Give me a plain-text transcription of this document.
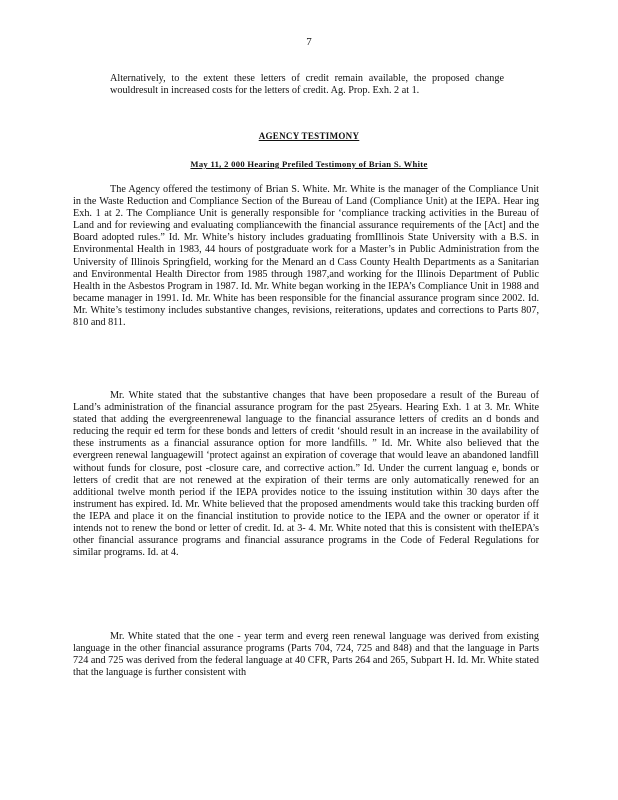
7
Alternatively, to the extent these letters of credit remain available, the proposed change wouldresult in increased costs for the letters of credit. Ag. Prop. Exh. 2 at 1.
AGENCY TESTIMONY
May 11, 2 000 Hearing Prefiled Testimony of Brian S. White

The Agency offered the testimony of Brian S. White. Mr. White is the manager of the Compliance Unit in the Waste Reduction and Compliance Section of the Bureau of Land (Compliance Unit) at the IEPA. Hear ing Exh. 1 at 2. The Compliance Unit is generally responsible for ‘compliance tracking activities in the Bureau of Land and for reviewing and evaluating compliancewith the financial assurance requirements of the [Act] and the Board adopted rules.” Id. Mr. White’s history includes graduating fromIllinois State University with a B.S. in Environmental Health in 1983, 44 hours of postgraduate work for a Master’s in Public Administration from the University of Illinois Springfield, working for the Menard an d Cass County Health Departments as a Sanitarian and Environmental Health Director from 1985 through 1987,and working for the Illinois Department of Public Health in the Asbestos Program in 1987. Id. Mr. White began working in the IEPA’s Compliance Unit in 1988 and became manager in 1991. Id. Mr. White has been responsible for the financial assurance program since 2002. Id. Mr. White’s testimony includes substantive changes, revisions, reiterations, updates and corrections to Parts 807, 810 and 811.

Mr. White stated that the substantive changes that have been proposedare a result of the Bureau of Land’s administration of the financial assurance program for the past 25years. Hearing Exh. 1 at 3. Mr. White stated that adding the evergreenrenewal language to the financial assurance letters of credits an d bonds and reducing the requir ed term for these bonds and letters of credit ‘should result in an increase in the availability of these instruments as a financial assurance option for more landfills. ” Id. Mr. White also believed that the evergreen renewal languagewill ‘protect against an expiration of coverage that would leave an abandoned landfill without funds for closure, post -closure care, and corrective action.” Id. Under the current languag e, bonds or letters of credit that are not renewed at the expiration of their terms are only automatically renewed for an additional twelve month period if the IEPA provides notice to the issuing institution within 30 days after the instrument has expired. Id. Mr. White believed that the proposed amendments would take this tracking burden off the IEPA and place it on the financial institution to provide notice to the IEPA and the owner or operator if it intends not to renew the bond or letter of credit. Id. at 3- 4. Mr. White noted that this is consistent with theIEPA’s other financial assurance programs and financial assurance programs in the Code of Federal Regulations for similar programs. Id. at 4.

Mr. White stated that the one - year term and everg reen renewal language was derived from existing language in the other financial assurance programs (Parts 704, 724, 725 and 848) and that the language in Parts 724 and 725 was derived from the federal language at 40 CFR, Parts 264 and 265, Subpart H. Id. Mr. White stated that the language is further consistent with
